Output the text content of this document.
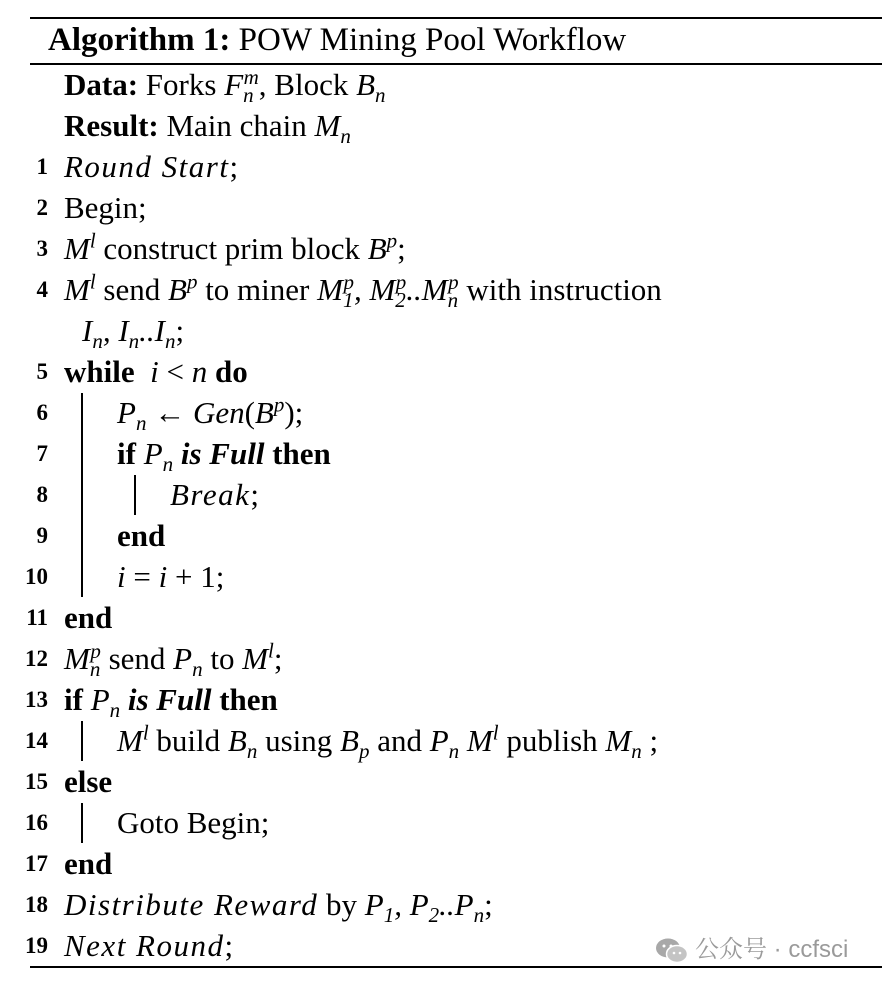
Algorithm 1: POW Mining Pool Workflow
Data: Forks $F_n^m$, Block $B_n$
Result: Main chain $M_n$
1 Round Start;
2 Begin;
3 $M^l$ construct prim block $B^p$;
4 $M^l$ send $B^p$ to miner $M_1^p$, $M_2^p..M_n^p$ with instruction
$I_n$, $I_n..I_n$;
5 while i < n do
6 $P_n$ ← $Gen(B^p)$;
7 if $P_n$ is Full then
8	Break;
9 end
10 i = i + 1;
11 end
12 $M_n^p$ send $P_n$ to $M^l$;
13 if $P_n$ is Full then
14 $M^l$ build $B_n$ using $B_p$ and $P_n$ $M^l$ publish $M_n$ ;
15 else
16 Goto Begin;
17 end
18 Distribute Reward by $P_1$, $P_2..P_n$;
19 Next Round;	公众号 · ccfsci
